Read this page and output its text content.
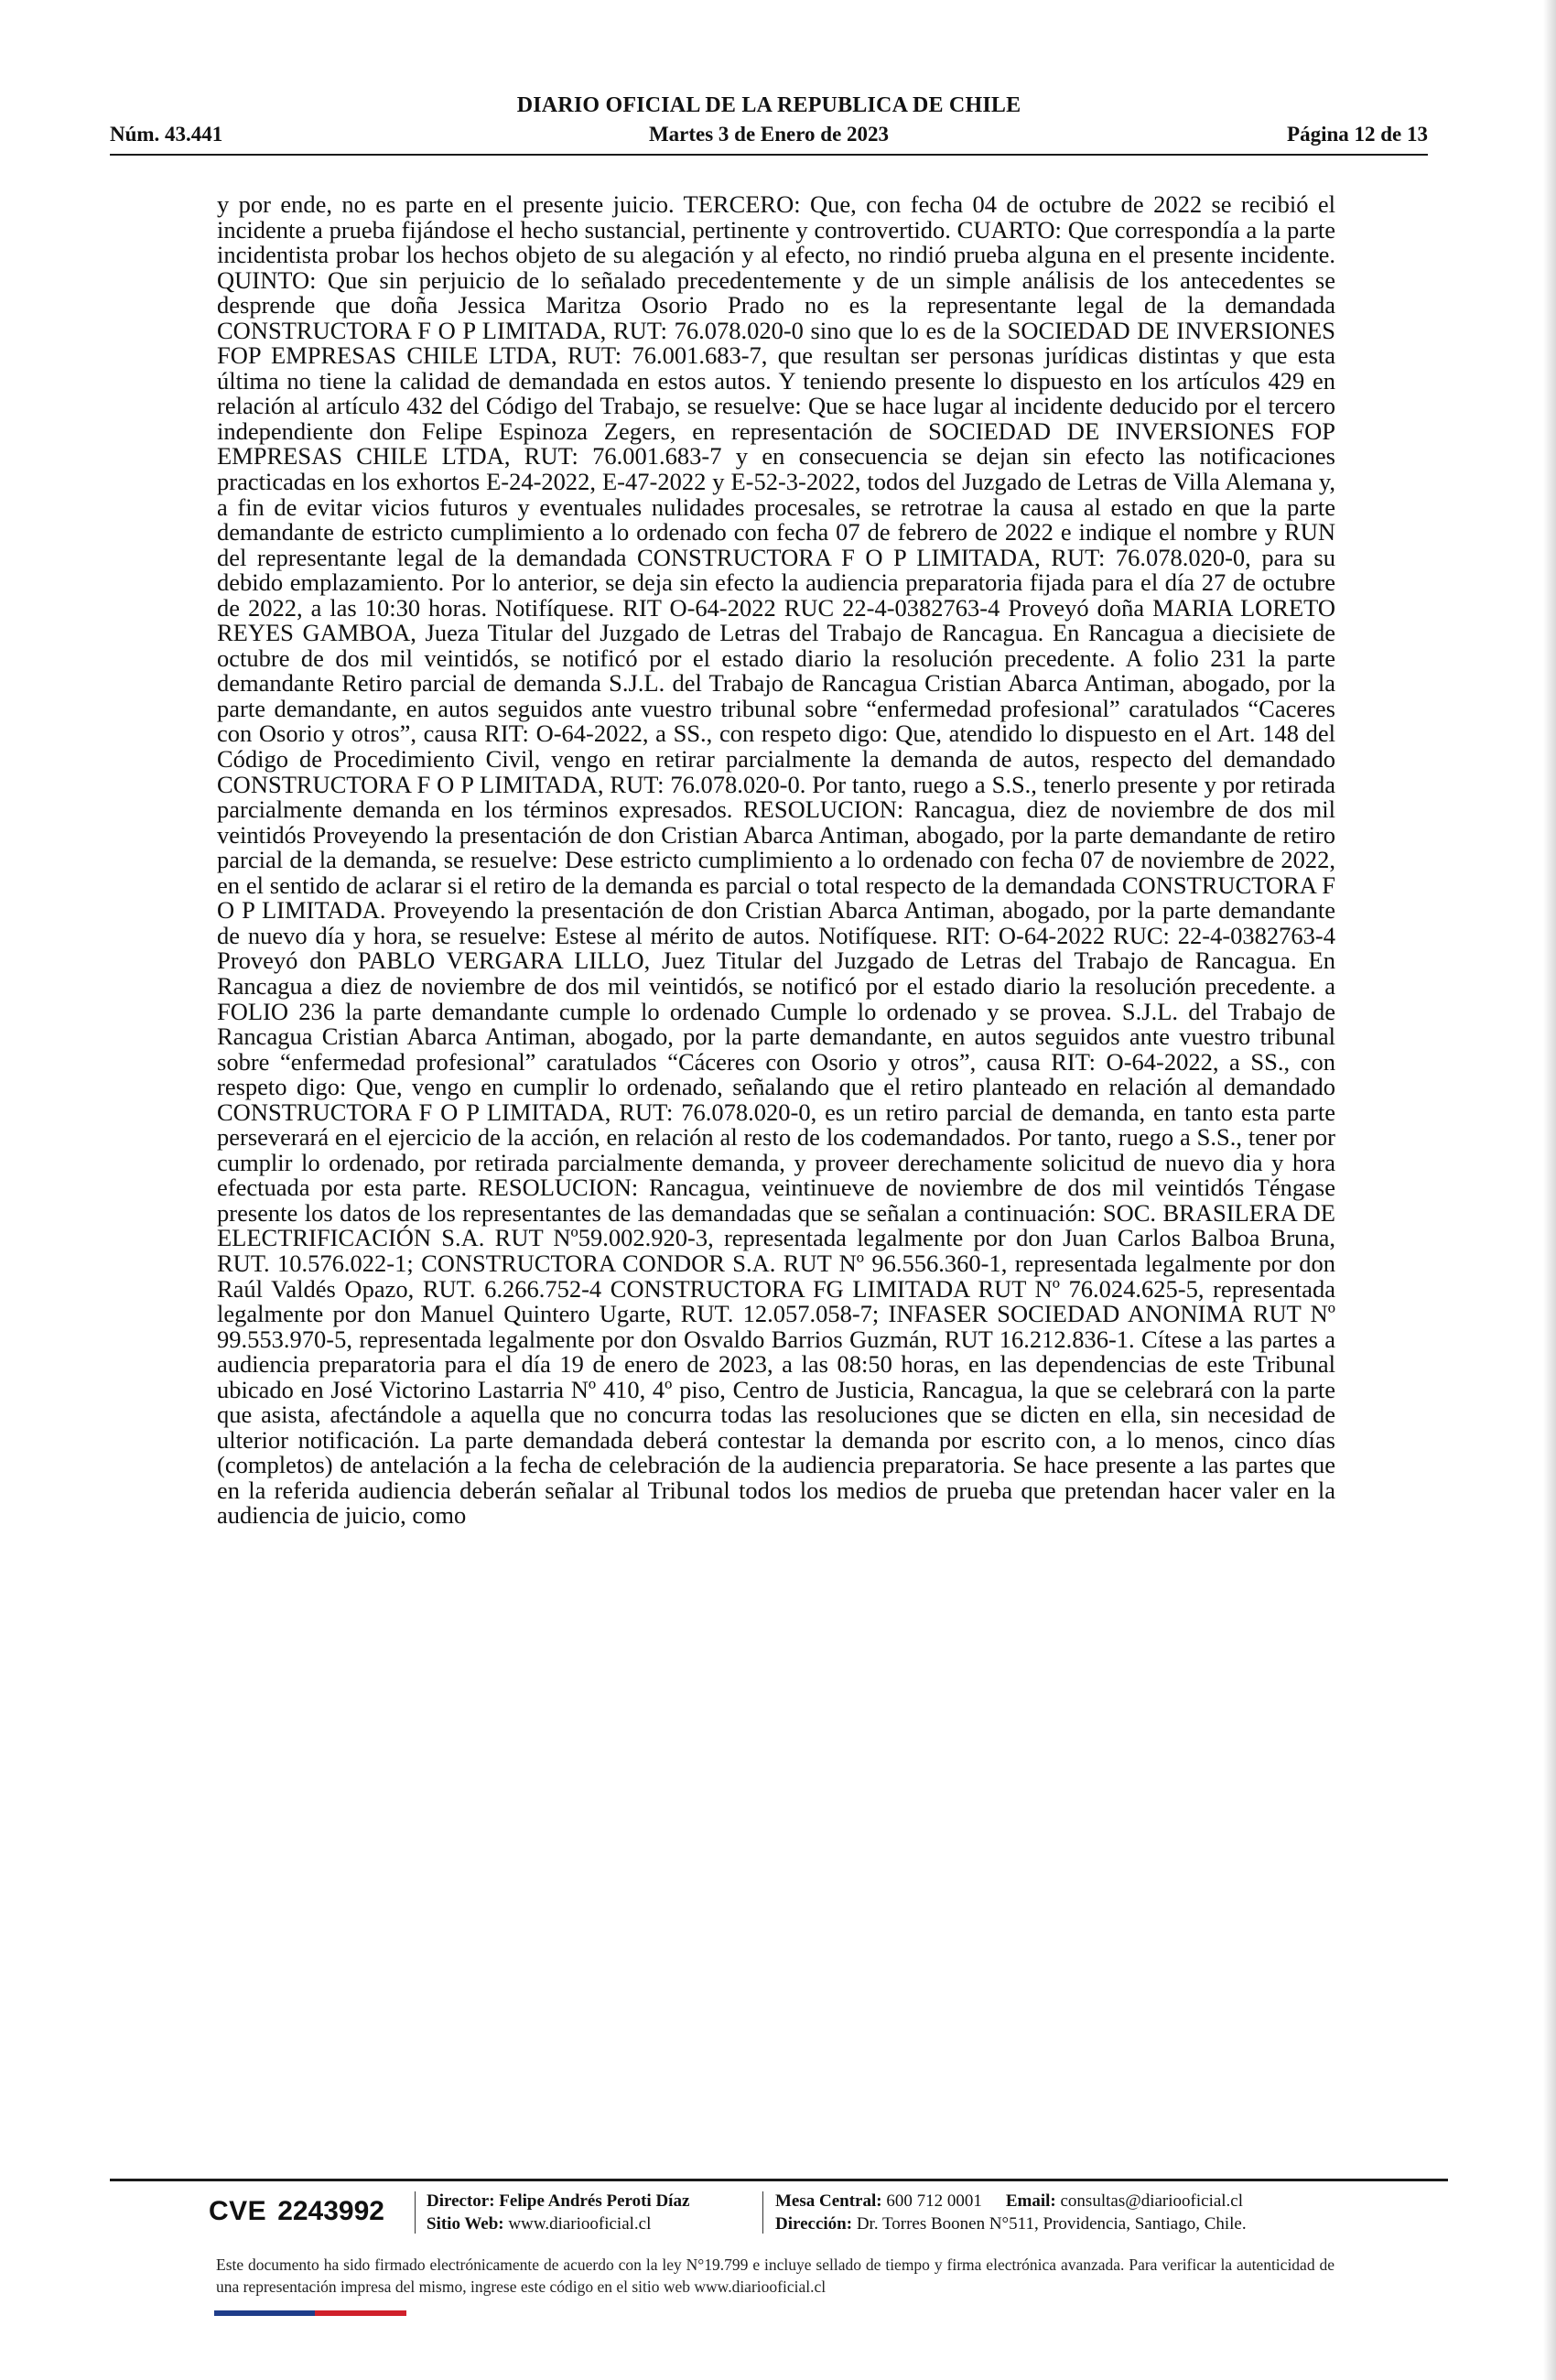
DIARIO OFICIAL DE LA REPUBLICA DE CHILE
Núm. 43.441	Martes 3 de Enero de 2023	Página 12 de 13
y por ende, no es parte en el presente juicio. TERCERO: Que, con fecha 04 de octubre de 2022 se recibió el incidente a prueba fijándose el hecho sustancial, pertinente y controvertido. CUARTO: Que correspondía a la parte incidentista probar los hechos objeto de su alegación y al efecto, no rindió prueba alguna en el presente incidente. QUINTO: Que sin perjuicio de lo señalado precedentemente y de un simple análisis de los antecedentes se desprende que doña Jessica Maritza Osorio Prado no es la representante legal de la demandada CONSTRUCTORA F O P LIMITADA, RUT: 76.078.020-0 sino que lo es de la SOCIEDAD DE INVERSIONES FOP EMPRESAS CHILE LTDA, RUT: 76.001.683-7, que resultan ser personas jurídicas distintas y que esta última no tiene la calidad de demandada en estos autos. Y teniendo presente lo dispuesto en los artículos 429 en relación al artículo 432 del Código del Trabajo, se resuelve: Que se hace lugar al incidente deducido por el tercero independiente don Felipe Espinoza Zegers, en representación de SOCIEDAD DE INVERSIONES FOP EMPRESAS CHILE LTDA, RUT: 76.001.683-7 y en consecuencia se dejan sin efecto las notificaciones practicadas en los exhortos E-24-2022, E-47-2022 y E-52-3-2022, todos del Juzgado de Letras de Villa Alemana y, a fin de evitar vicios futuros y eventuales nulidades procesales, se retrotrae la causa al estado en que la parte demandante de estricto cumplimiento a lo ordenado con fecha 07 de febrero de 2022 e indique el nombre y RUN del representante legal de la demandada CONSTRUCTORA F O P LIMITADA, RUT: 76.078.020-0, para su debido emplazamiento. Por lo anterior, se deja sin efecto la audiencia preparatoria fijada para el día 27 de octubre de 2022, a las 10:30 horas. Notifíquese. RIT O-64-2022 RUC 22-4-0382763-4 Proveyó doña MARIA LORETO REYES GAMBOA, Jueza Titular del Juzgado de Letras del Trabajo de Rancagua. En Rancagua a diecisiete de octubre de dos mil veintidós, se notificó por el estado diario la resolución precedente. A folio 231 la parte demandante Retiro parcial de demanda S.J.L. del Trabajo de Rancagua Cristian Abarca Antiman, abogado, por la parte demandante, en autos seguidos ante vuestro tribunal sobre “enfermedad profesional” caratulados “Caceres con Osorio y otros”, causa RIT: O-64-2022, a SS., con respeto digo: Que, atendido lo dispuesto en el Art. 148 del Código de Procedimiento Civil, vengo en retirar parcialmente la demanda de autos, respecto del demandado CONSTRUCTORA F O P LIMITADA, RUT: 76.078.020-0. Por tanto, ruego a S.S., tenerlo presente y por retirada parcialmente demanda en los términos expresados. RESOLUCION: Rancagua, diez de noviembre de dos mil veintidós Proveyendo la presentación de don Cristian Abarca Antiman, abogado, por la parte demandante de retiro parcial de la demanda, se resuelve: Dese estricto cumplimiento a lo ordenado con fecha 07 de noviembre de 2022, en el sentido de aclarar si el retiro de la demanda es parcial o total respecto de la demandada CONSTRUCTORA F O P LIMITADA. Proveyendo la presentación de don Cristian Abarca Antiman, abogado, por la parte demandante de nuevo día y hora, se resuelve: Estese al mérito de autos. Notifíquese. RIT: O-64-2022 RUC: 22-4-0382763-4 Proveyó don PABLO VERGARA LILLO, Juez Titular del Juzgado de Letras del Trabajo de Rancagua. En Rancagua a diez de noviembre de dos mil veintidós, se notificó por el estado diario la resolución precedente. a FOLIO 236 la parte demandante cumple lo ordenado Cumple lo ordenado y se provea. S.J.L. del Trabajo de Rancagua Cristian Abarca Antiman, abogado, por la parte demandante, en autos seguidos ante vuestro tribunal sobre “enfermedad profesional” caratulados “Cáceres con Osorio y otros”, causa RIT: O-64-2022, a SS., con respeto digo: Que, vengo en cumplir lo ordenado, señalando que el retiro planteado en relación al demandado CONSTRUCTORA F O P LIMITADA, RUT: 76.078.020-0, es un retiro parcial de demanda, en tanto esta parte perseverará en el ejercicio de la acción, en relación al resto de los codemandados. Por tanto, ruego a S.S., tener por cumplir lo ordenado, por retirada parcialmente demanda, y proveer derechamente solicitud de nuevo dia y hora efectuada por esta parte. RESOLUCION: Rancagua, veintinueve de noviembre de dos mil veintidós Téngase presente los datos de los representantes de las demandadas que se señalan a continuación: SOC. BRASILERA DE ELECTRIFICACIÓN S.A. RUT Nº59.002.920-3, representada legalmente por don Juan Carlos Balboa Bruna, RUT. 10.576.022-1; CONSTRUCTORA CONDOR S.A. RUT Nº 96.556.360-1, representada legalmente por don Raúl Valdés Opazo, RUT. 6.266.752-4 CONSTRUCTORA FG LIMITADA RUT Nº 76.024.625-5, representada legalmente por don Manuel Quintero Ugarte, RUT. 12.057.058-7; INFASER SOCIEDAD ANONIMA RUT Nº 99.553.970-5, representada legalmente por don Osvaldo Barrios Guzmán, RUT 16.212.836-1. Cítese a las partes a audiencia preparatoria para el día 19 de enero de 2023, a las 08:50 horas, en las dependencias de este Tribunal ubicado en José Victorino Lastarria Nº 410, 4º piso, Centro de Justicia, Rancagua, la que se celebrará con la parte que asista, afectándole a aquella que no concurra todas las resoluciones que se dicten en ella, sin necesidad de ulterior notificación. La parte demandada deberá contestar la demanda por escrito con, a lo menos, cinco días (completos) de antelación a la fecha de celebración de la audiencia preparatoria. Se hace presente a las partes que en la referida audiencia deberán señalar al Tribunal todos los medios de prueba que pretendan hacer valer en la audiencia de juicio, como
CVE 2243992 Director: Felipe Andrés Peroti Díaz
Sitio Web: www.diariooficial.cl
Mesa Central: 600 712 0001 Email: consultas@diariooficial.cl
Dirección: Dr. Torres Boonen N°511, Providencia, Santiago, Chile.
Este documento ha sido firmado electrónicamente de acuerdo con la ley N°19.799 e incluye sellado de tiempo y firma electrónica avanzada. Para verificar la autenticidad de una representación impresa del mismo, ingrese este código en el sitio web www.diariooficial.cl
